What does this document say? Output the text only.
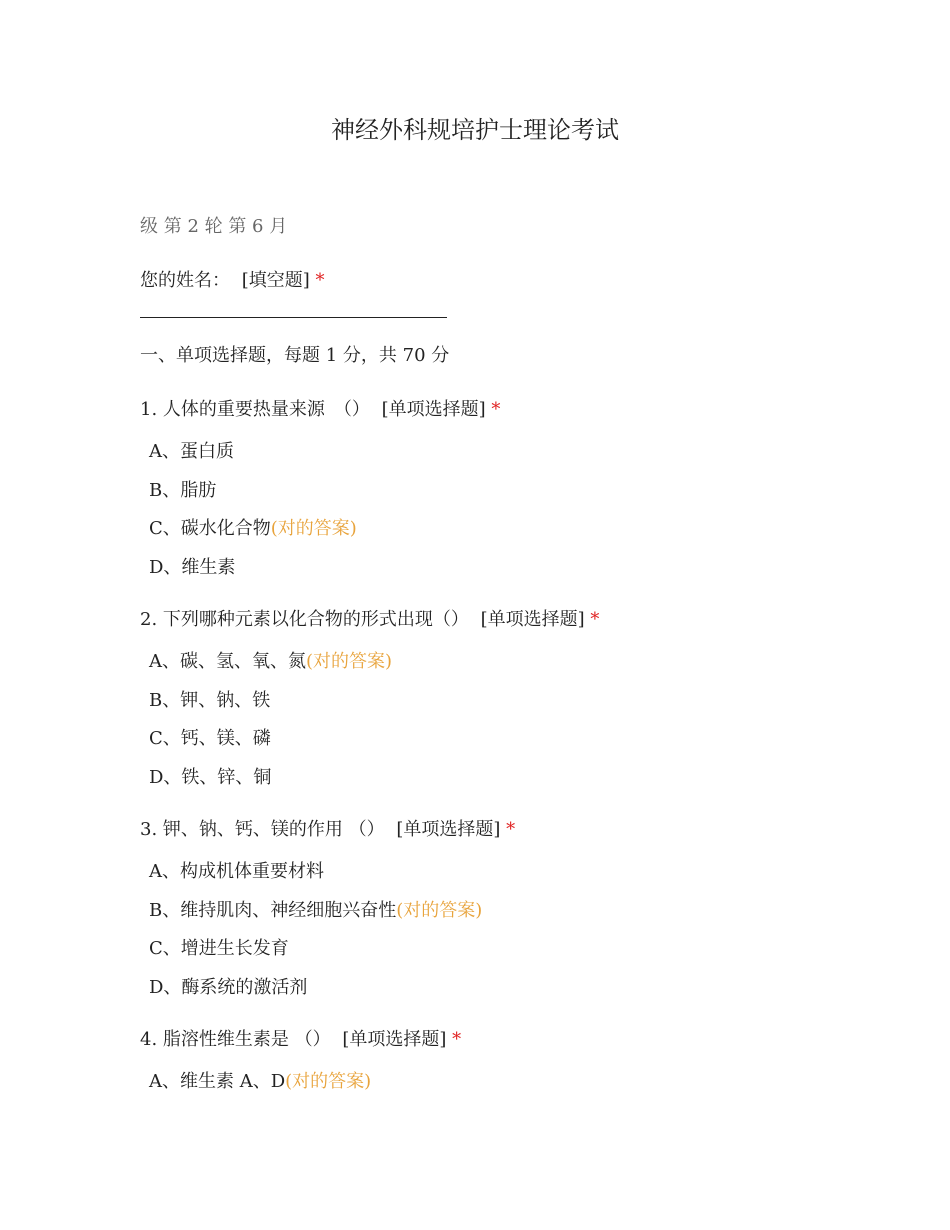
神经外科规培护士理论考试
级 第 2 轮 第 6 月
您的姓名： [填空题] *
一、单项选择题，每题 1 分，共 70 分
1. 人体的重要热量来源　（） [单项选择题] *
A、蛋白质
B、脂肪
C、碳水化合物(对的答案)
D、维生素
2. 下列哪种元素以化合物的形式出现（） [单项选择题] *
A、碳、氢、氧、氮(对的答案)
B、钾、钠、铁
C、钙、镁、磷
D、铁、锌、铜
3. 钾、钠、钙、镁的作用 （） [单项选择题] *
A、构成机体重要材料
B、维持肌肉、神经细胞兴奋性(对的答案)
C、增进生长发育
D、酶系统的激活剂
4. 脂溶性维生素是 （） [单项选择题] *
A、维生素 A、D(对的答案)
